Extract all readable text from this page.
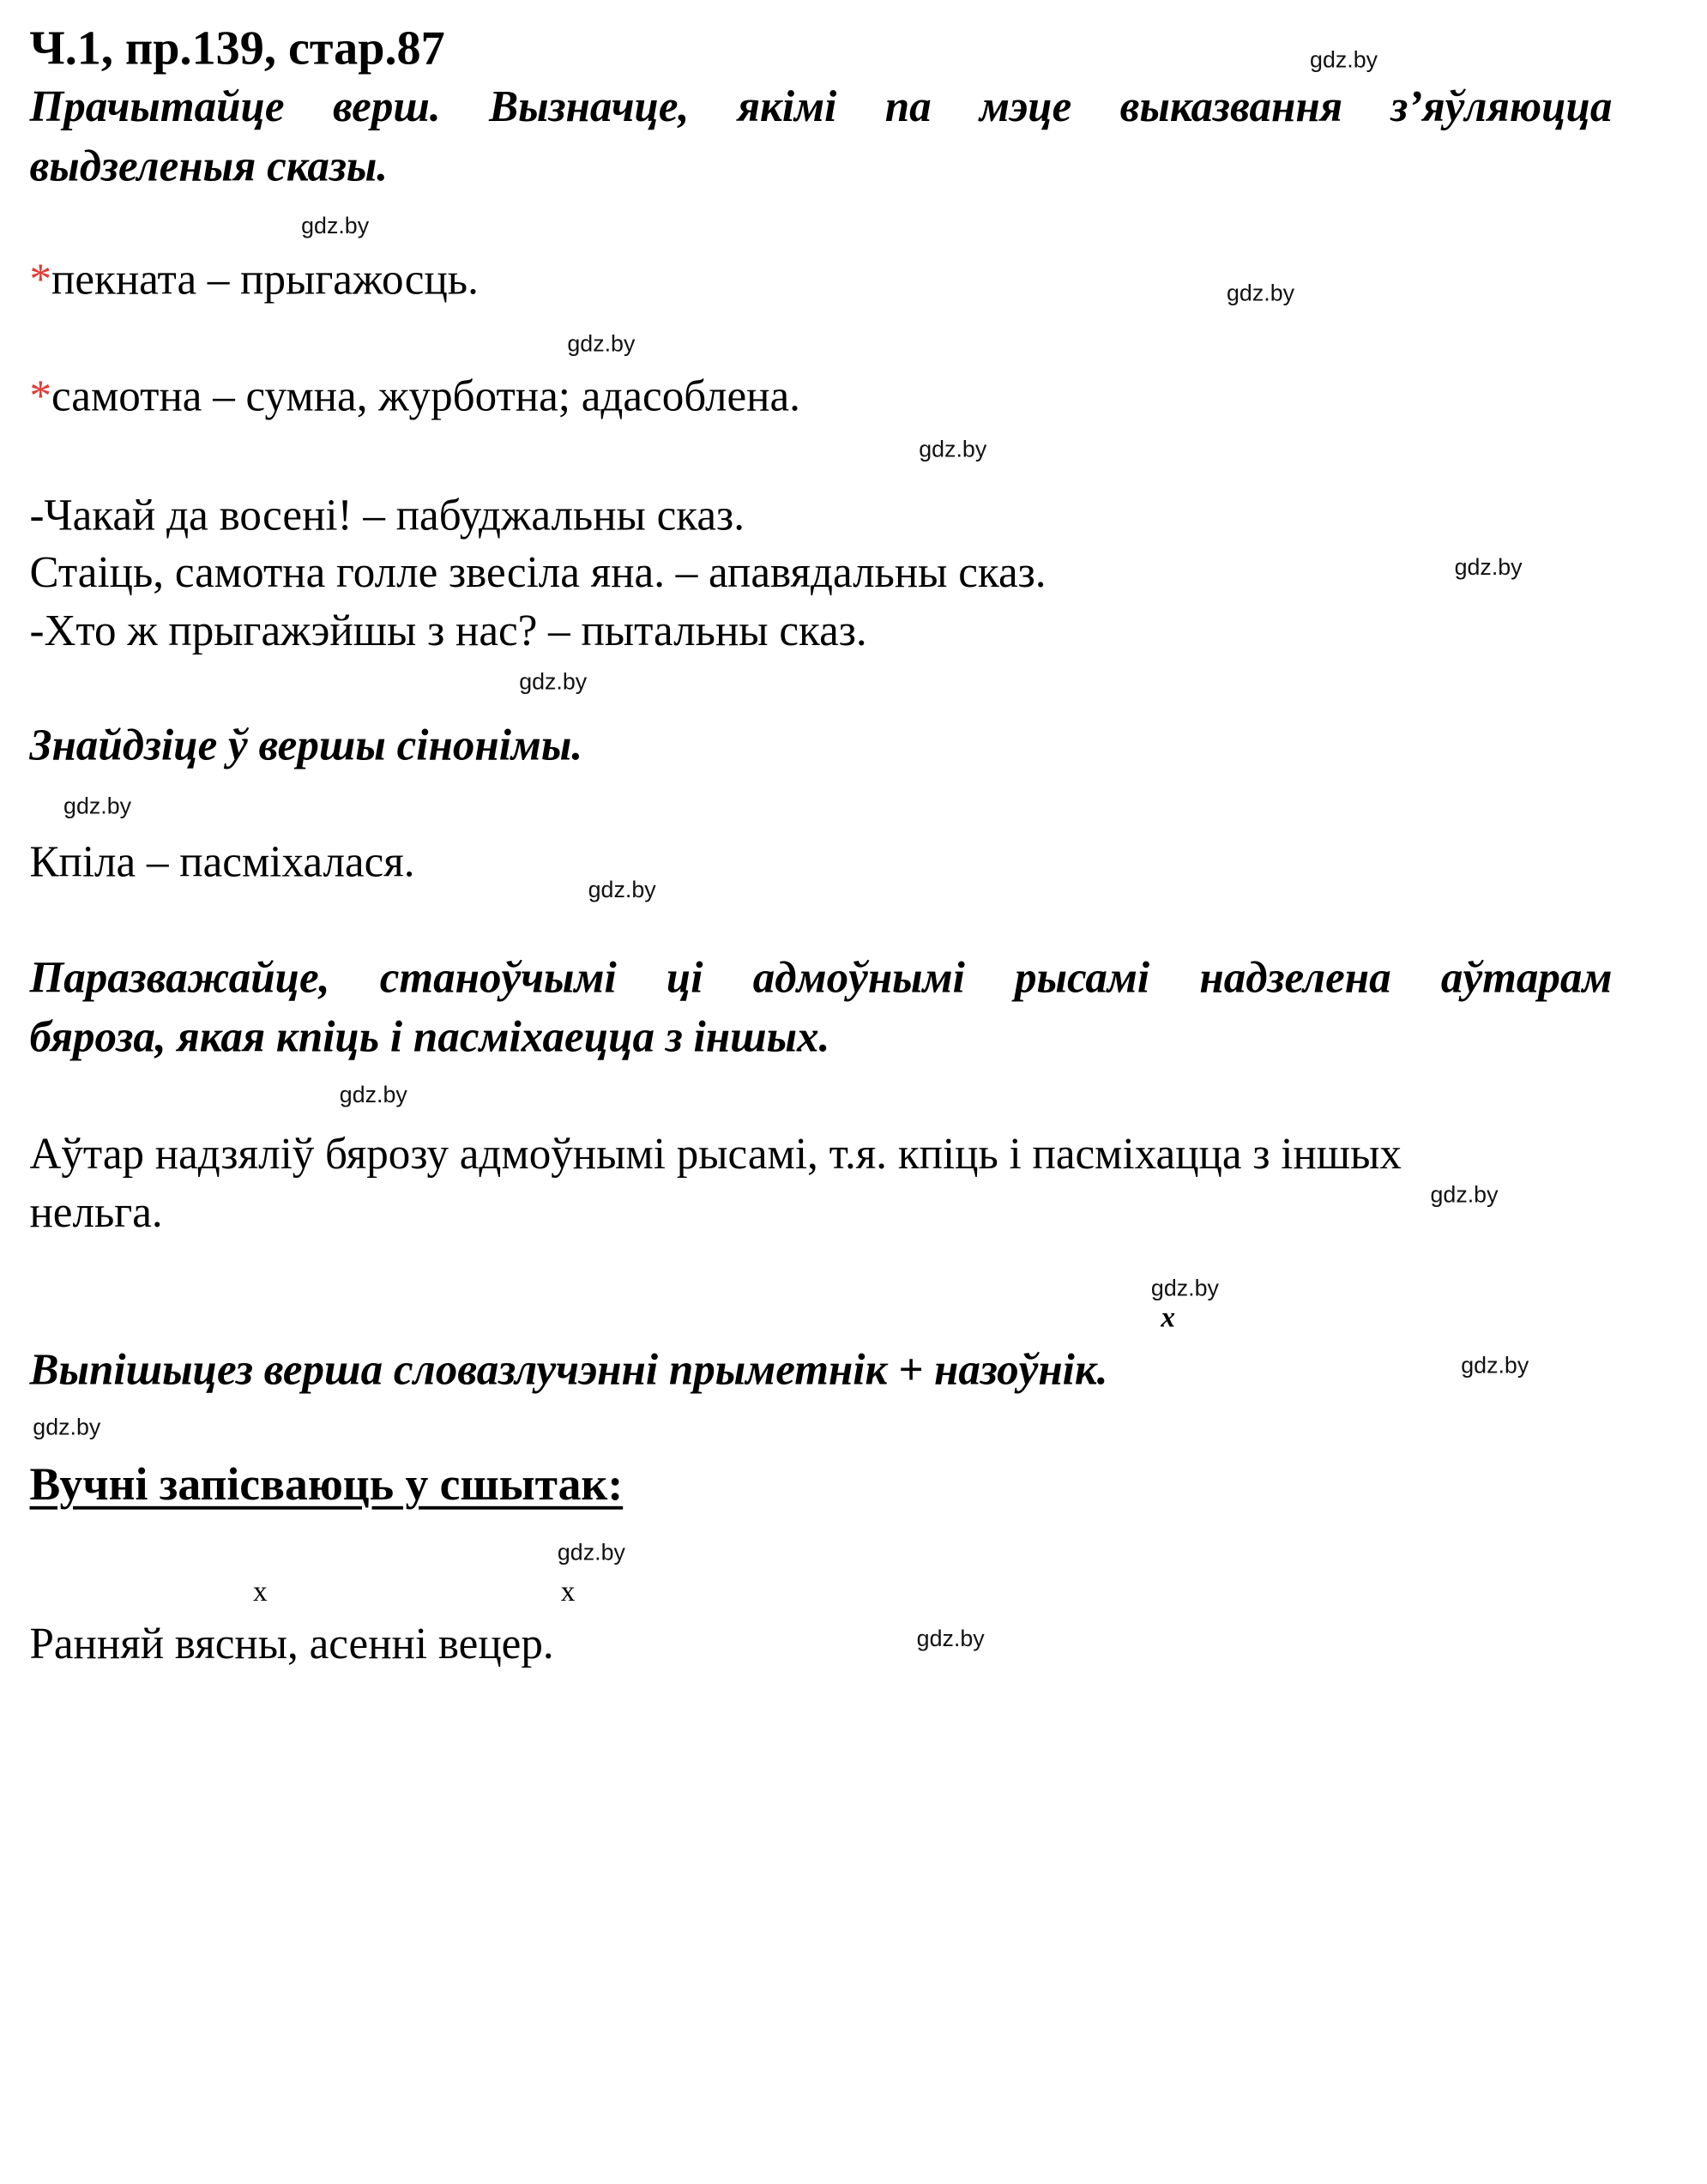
Ч.1, пр.139, стар.87

Прачытайце верш. Вызначце, якімі па мэце выказвання з’яўляюцца

выдзеленыя сказы.

*пекната – прыгажосць.

*самотна – сумна, журботна; адасоблена.

-Чакай да восені! – пабуджальны сказ.

Стаіць, самотна голле звесіла яна. – апавядальны сказ.

-Хто ж прыгажэйшы з нас? – пытальны сказ.

Знайдзіце ў вершы сінонімы.

Кпіла – пасміхалася.

Паразважайце, станоўчымі ці адмоўнымі рысамі надзелена аўтарам

бяроза, якая кпіць і пасміхаецца з іншых.

Аўтар надзяліў бярозу адмоўнымі рысамі, т.я. кпіць і пасміхацца з іншых

нельга.

x

Выпішыцез верша словазлучэнні прыметнік + назоўнік.

Вучні запісваюць у сшытак:

x	x

Ранняй вясны, асенні вецер.

gdz.by
gdz.by
gdz.by
gdz.by
gdz.by
gdz.by
gdz.by
gdz.by
gdz.by
gdz.by
gdz.by
gdz.by
gdz.by
gdz.by
gdz.by
gdz.by
